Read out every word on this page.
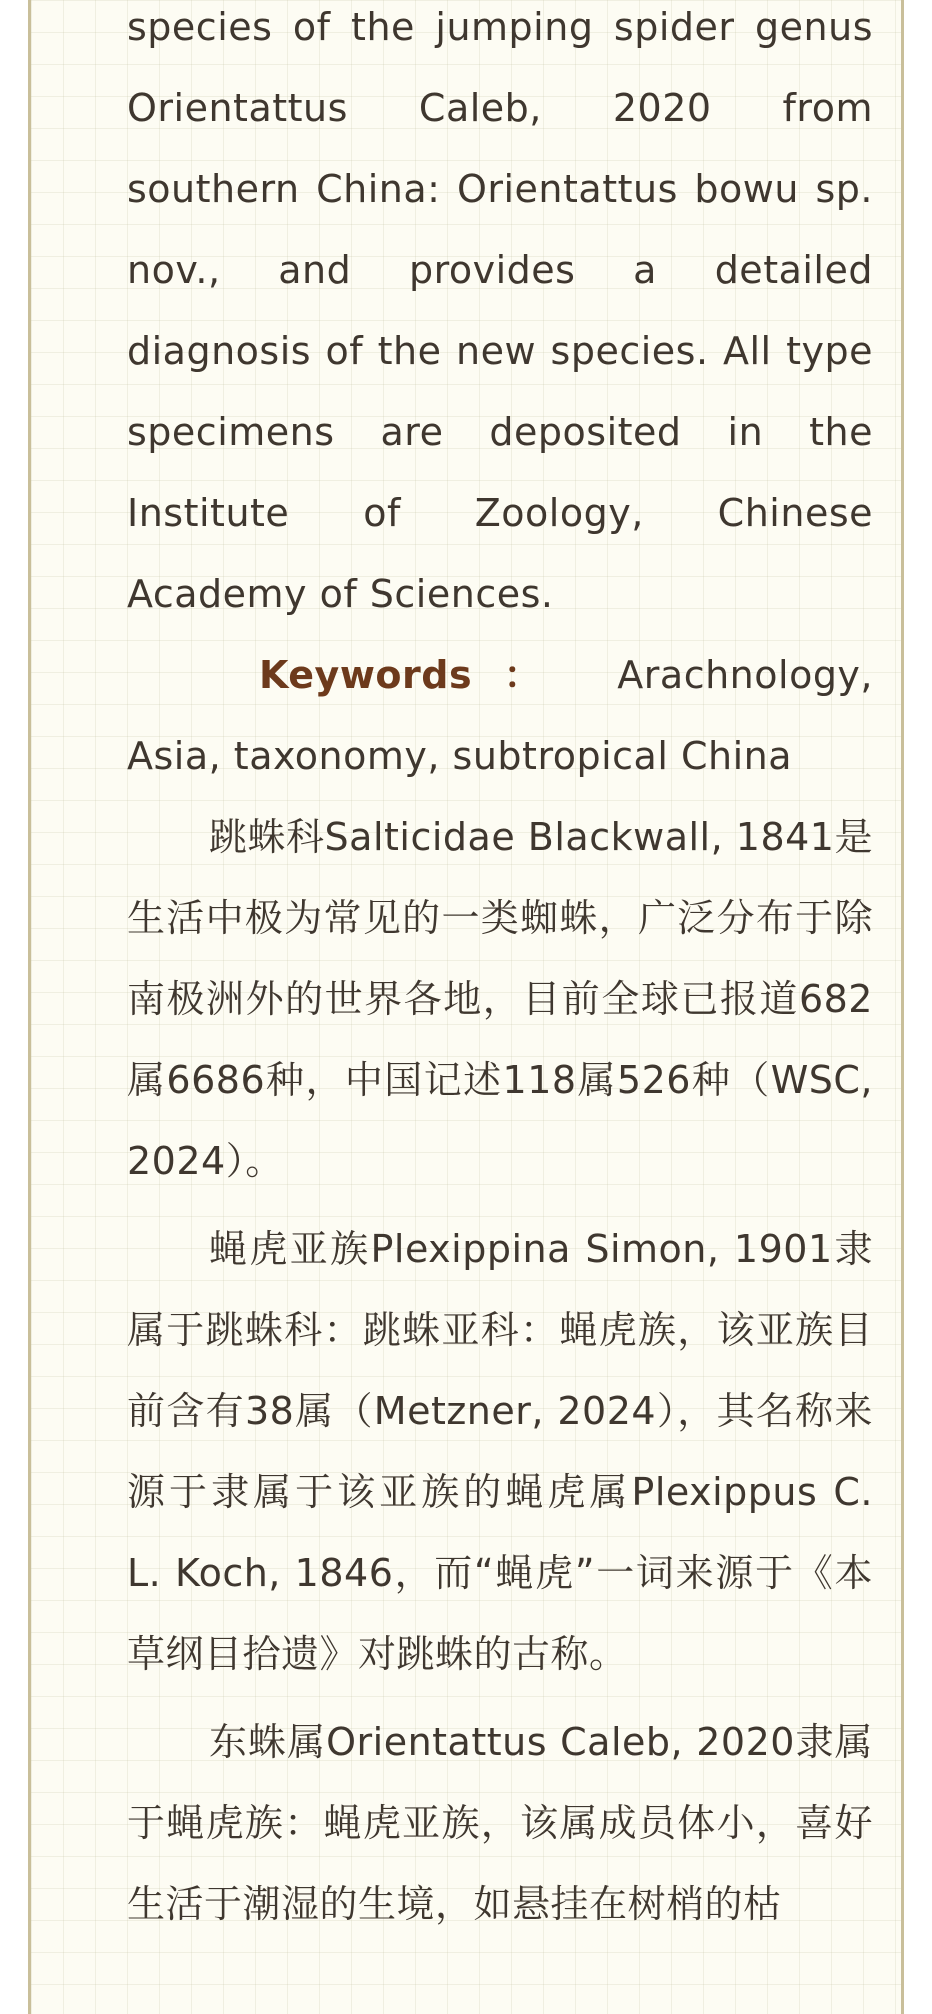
species of the jumping spider genus Orientattus Caleb, 2020 from southern China: Orientattus bowu sp. nov., and provides a detailed diagnosis of the new species. All type specimens are deposited in the Institute of Zoology, Chinese Academy of Sciences.

Keywords： Arachnology, Asia, taxonomy, subtropical China

跳蛛科Salticidae Blackwall, 1841是生活中极为常见的一类蜘蛛，广泛分布于除南极洲外的世界各地，目前全球已报道682属6686种，中国记述118属526种（WSC, 2024）。

蝇虎亚族Plexippina Simon, 1901隶属于跳蛛科：跳蛛亚科：蝇虎族，该亚族目前含有38属（Metzner, 2024），其名称来源于隶属于该亚族的蝇虎属Plexippus C. L. Koch, 1846，而“蝇虎”一词来源于《本草纲目拾遗》对跳蛛的古称。

东蛛属Orientattus Caleb, 2020隶属于蝇虎族：蝇虎亚族，该属成员体小，喜好生活于潮湿的生境，如悬挂在树梢的枯
